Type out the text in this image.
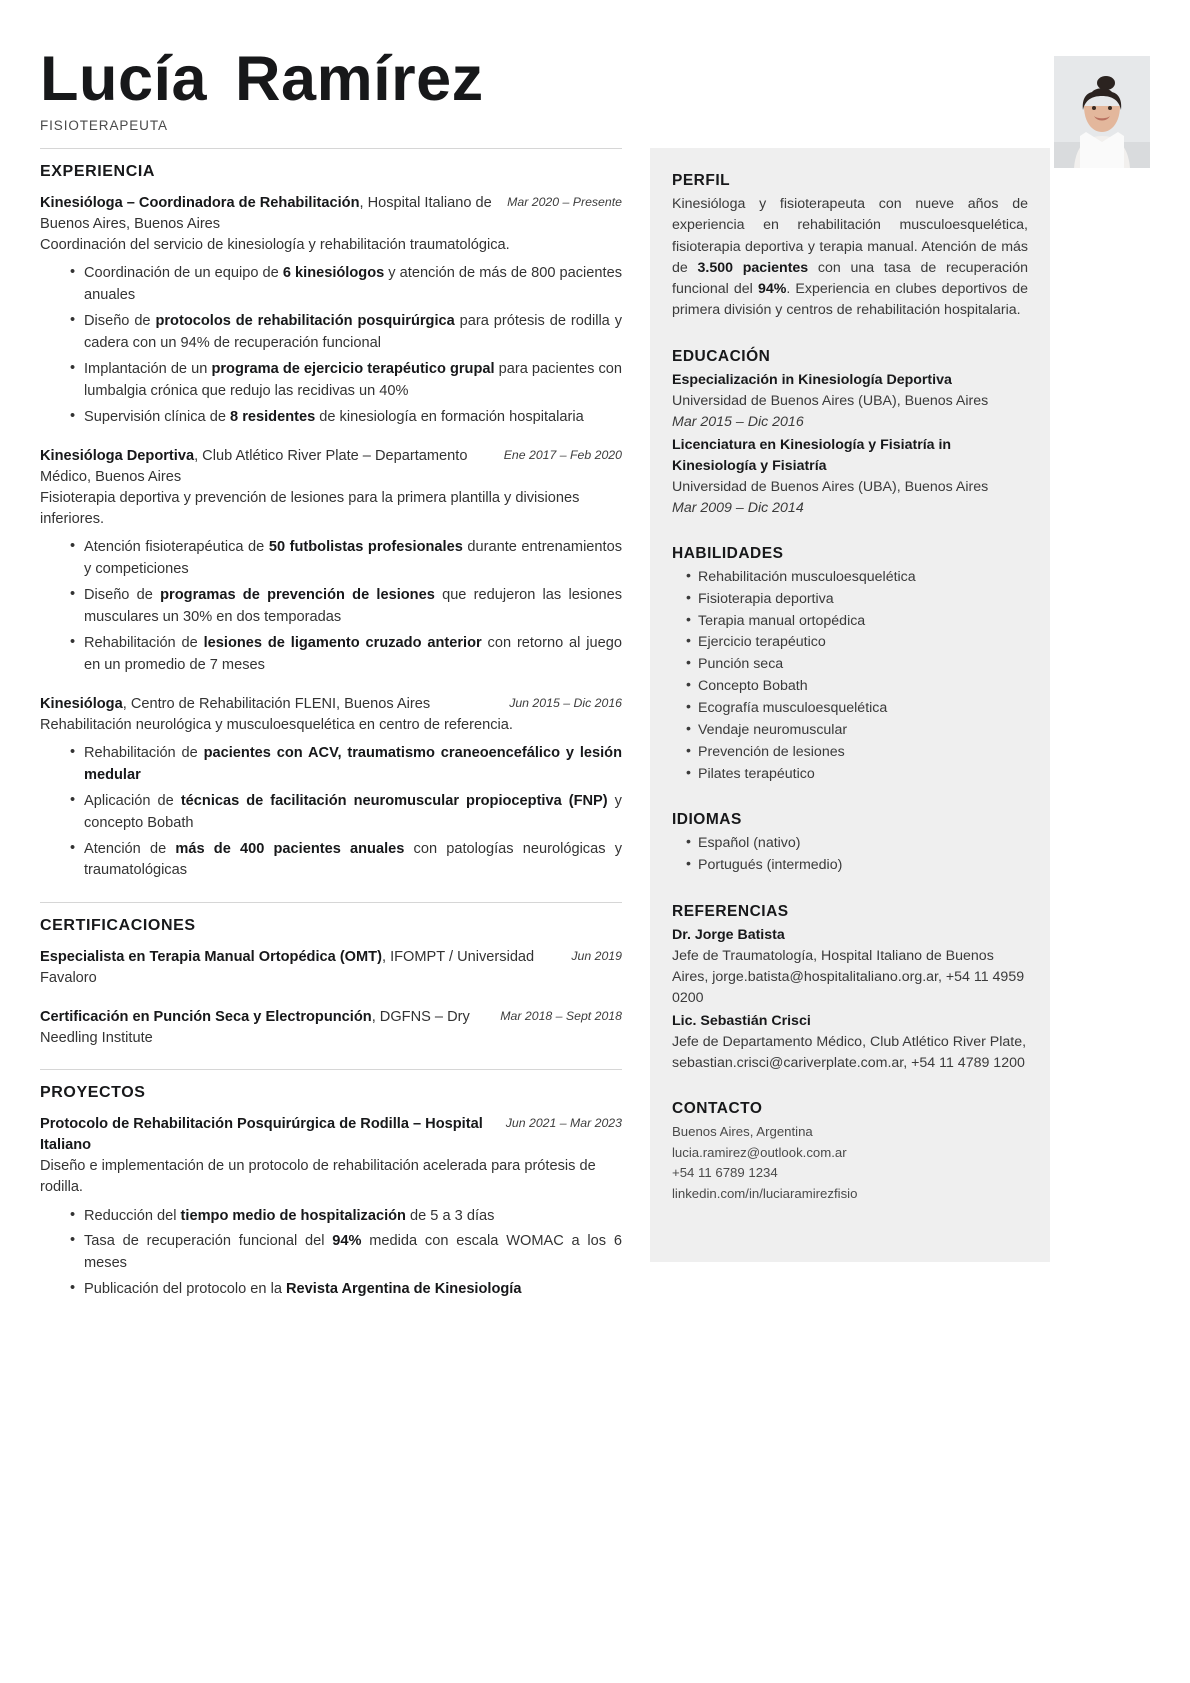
Lucía Ramírez
FISIOTERAPEUTA
EXPERIENCIA
Mar 2020 – Presente
Kinesióloga – Coordinadora de Rehabilitación, Hospital Italiano de Buenos Aires, Buenos Aires
Coordinación del servicio de kinesiología y rehabilitación traumatológica.
• Coordinación de un equipo de 6 kinesiólogos y atención de más de 800 pacientes anuales
• Diseño de protocolos de rehabilitación posquirúrgica para prótesis de rodilla y cadera con un 94% de recuperación funcional
• Implantación de un programa de ejercicio terapéutico grupal para pacientes con lumbalgia crónica que redujo las recidivas un 40%
• Supervisión clínica de 8 residentes de kinesiología en formación hospitalaria
Ene 2017 – Feb 2020
Kinesióloga Deportiva, Club Atlético River Plate – Departamento Médico, Buenos Aires
Fisioterapia deportiva y prevención de lesiones para la primera plantilla y divisiones inferiores.
• Atención fisioterapéutica de 50 futbolistas profesionales durante entrenamientos y competiciones
• Diseño de programas de prevención de lesiones que redujeron las lesiones musculares un 30% en dos temporadas
• Rehabilitación de lesiones de ligamento cruzado anterior con retorno al juego en un promedio de 7 meses
Jun 2015 – Dic 2016
Kinesióloga, Centro de Rehabilitación FLENI, Buenos Aires
Rehabilitación neurológica y musculoesquelética en centro de referencia.
• Rehabilitación de pacientes con ACV, traumatismo craneoencefálico y lesión medular
• Aplicación de técnicas de facilitación neuromuscular propioceptiva (FNP) y concepto Bobath
• Atención de más de 400 pacientes anuales con patologías neurológicas y traumatológicas
CERTIFICACIONES
Jun 2019
Especialista en Terapia Manual Ortopédica (OMT), IFOMPT / Universidad Favaloro
Mar 2018 – Sept 2018
Certificación en Punción Seca y Electropunción, DGFNS – Dry Needling Institute
PROYECTOS
Jun 2021 – Mar 2023
Protocolo de Rehabilitación Posquirúrgica de Rodilla – Hospital Italiano
Diseño e implementación de un protocolo de rehabilitación acelerada para prótesis de rodilla.
• Reducción del tiempo medio de hospitalización de 5 a 3 días
• Tasa de recuperación funcional del 94% medida con escala WOMAC a los 6 meses
• Publicación del protocolo en la Revista Argentina de Kinesiología
PERFIL

Kinesióloga y fisioterapeuta con nueve años de experiencia en rehabilitación musculoesquelética, fisioterapia deportiva y terapia manual. Atención de más de 3.500 pacientes con una tasa de recuperación funcional del 94%. Experiencia en clubes deportivos de primera división y centros de rehabilitación hospitalaria.

EDUCACIÓN
Especialización in Kinesiología Deportiva
Universidad de Buenos Aires (UBA), Buenos Aires
Mar 2015 – Dic 2016
Licenciatura en Kinesiología y Fisiatría in Kinesiología y Fisiatría
Universidad de Buenos Aires (UBA), Buenos Aires
Mar 2009 – Dic 2014
HABILIDADES
• Rehabilitación musculoesquelética
• Fisioterapia deportiva
• Terapia manual ortopédica
• Ejercicio terapéutico
• Punción seca
• Concepto Bobath
• Ecografía musculoesquelética
• Vendaje neuromuscular
• Prevención de lesiones
• Pilates terapéutico
IDIOMAS
• Español (nativo)
• Portugués (intermedio)
REFERENCIAS
Dr. Jorge Batista
Jefe de Traumatología, Hospital Italiano de Buenos Aires, jorge.batista@hospitalitaliano.org.ar, +54 11 4959 0200
Lic. Sebastián Crisci
Jefe de Departamento Médico, Club Atlético River Plate, sebastian.crisci@cariverplate.com.ar, +54 11 4789 1200
CONTACTO
Buenos Aires, Argentina
lucia.ramirez@outlook.com.ar
+54 11 6789 1234
linkedin.com/in/luciaramirezfisio
